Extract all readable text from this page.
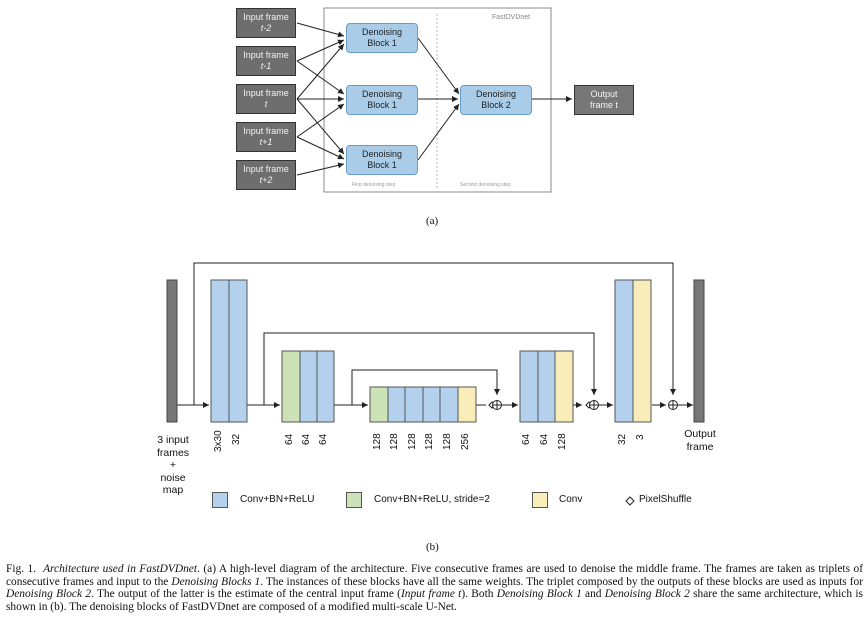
Input frame
t-2
Input frame
t-1
Input frame
t
Input frame
t+1
Input frame
t+2
FastDVDnet
Denoising
Block 1
Denoising
Block 1
Denoising
Block 1
Denoising
Block 2
Output
frame t
First denoising step	Second denoising step
(a)
3x30 32	64 64 64	128 128 128 128 128 256	64 64 128	32 3
3 input
frames
+
noise
map
Output
frame
Conv+BN+ReLU	Conv+BN+ReLU, stride=2	Conv	PixelShuffle
(b)
Fig. 1. Architecture used in FastDVDnet. (a) A high-level diagram of the architecture. Five consecutive frames are used to denoise the middle frame. The frames are taken as triplets of consecutive frames and input to the Denoising Blocks 1. The instances of these blocks have all the same weights. The triplet composed by the outputs of these blocks are used as inputs for Denoising Block 2. The output of the latter is the estimate of the central input frame (Input frame t). Both Denoising Block 1 and Denoising Block 2 share the same architecture, which is shown in (b). The denoising blocks of FastDVDnet are composed of a modified multi-scale U-Net.
